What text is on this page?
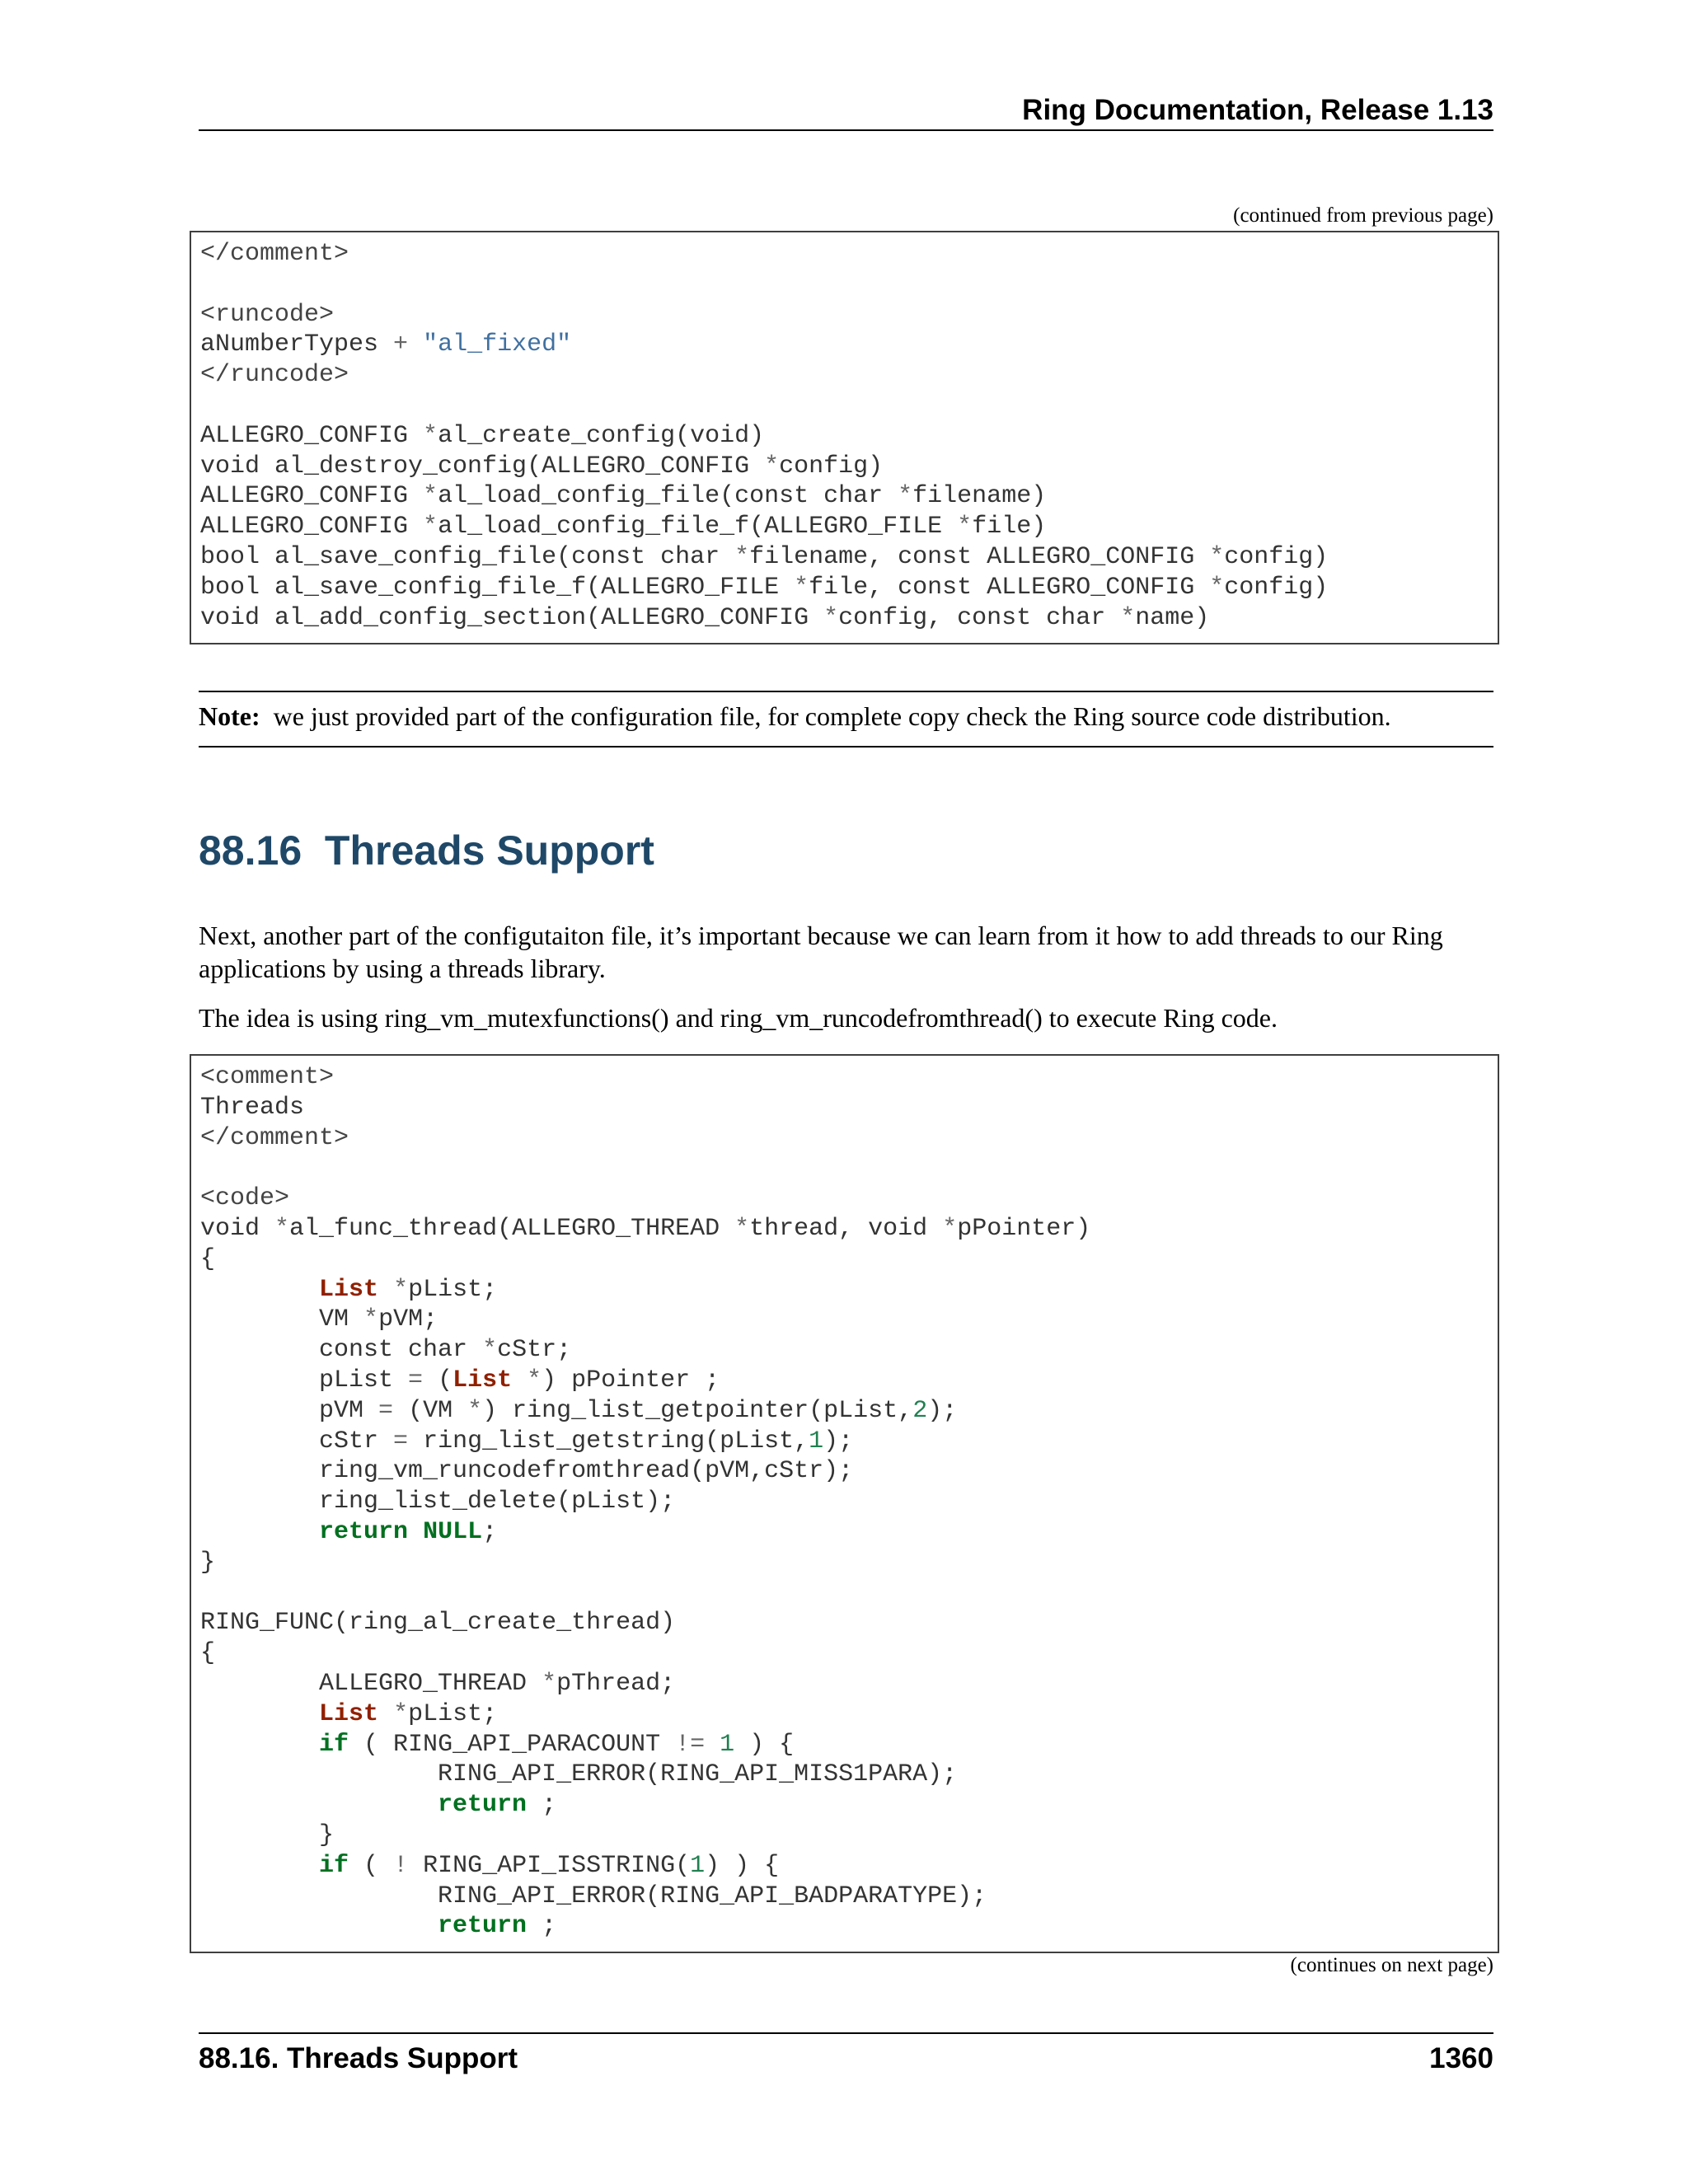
Ring Documentation, Release 1.13
(continued from previous page)
</comment>
<runcode>
aNumberTypes + "al_fixed"
</runcode>
ALLEGRO_CONFIG *al_create_config(void)
void al_destroy_config(ALLEGRO_CONFIG *config)
ALLEGRO_CONFIG *al_load_config_file(const char *filename)
ALLEGRO_CONFIG *al_load_config_file_f(ALLEGRO_FILE *file)
bool al_save_config_file(const char *filename, const ALLEGRO_CONFIG *config)
bool al_save_config_file_f(ALLEGRO_FILE *file, const ALLEGRO_CONFIG *config)
void al_add_config_section(ALLEGRO_CONFIG *config, const char *name)
Note: we just provided part of the configuration file, for complete copy check the Ring source code distribution.
88.16 Threads Support
Next, another part of the configutaiton file, it’s important because we can learn from it how to add threads to our Ring applications by using a threads library.
The idea is using ring_vm_mutexfunctions() and ring_vm_runcodefromthread() to execute Ring code.
<comment>
Threads
</comment>
<code>
void *al_func_thread(ALLEGRO_THREAD *thread, void *pPointer)
{
List *pList;
VM *pVM;
const char *cStr;
pList = (List *) pPointer ;
pVM = (VM *) ring_list_getpointer(pList,2);
cStr = ring_list_getstring(pList,1);
ring_vm_runcodefromthread(pVM,cStr);
ring_list_delete(pList);
return NULL;
}
RING_FUNC(ring_al_create_thread)
{
ALLEGRO_THREAD *pThread;
List *pList;
if ( RING_API_PARACOUNT != 1 ) {
RING_API_ERROR(RING_API_MISS1PARA);
return ;
}
if ( ! RING_API_ISSTRING(1) ) {
RING_API_ERROR(RING_API_BADPARATYPE);
return ;
(continues on next page)
88.16. Threads Support	1360
